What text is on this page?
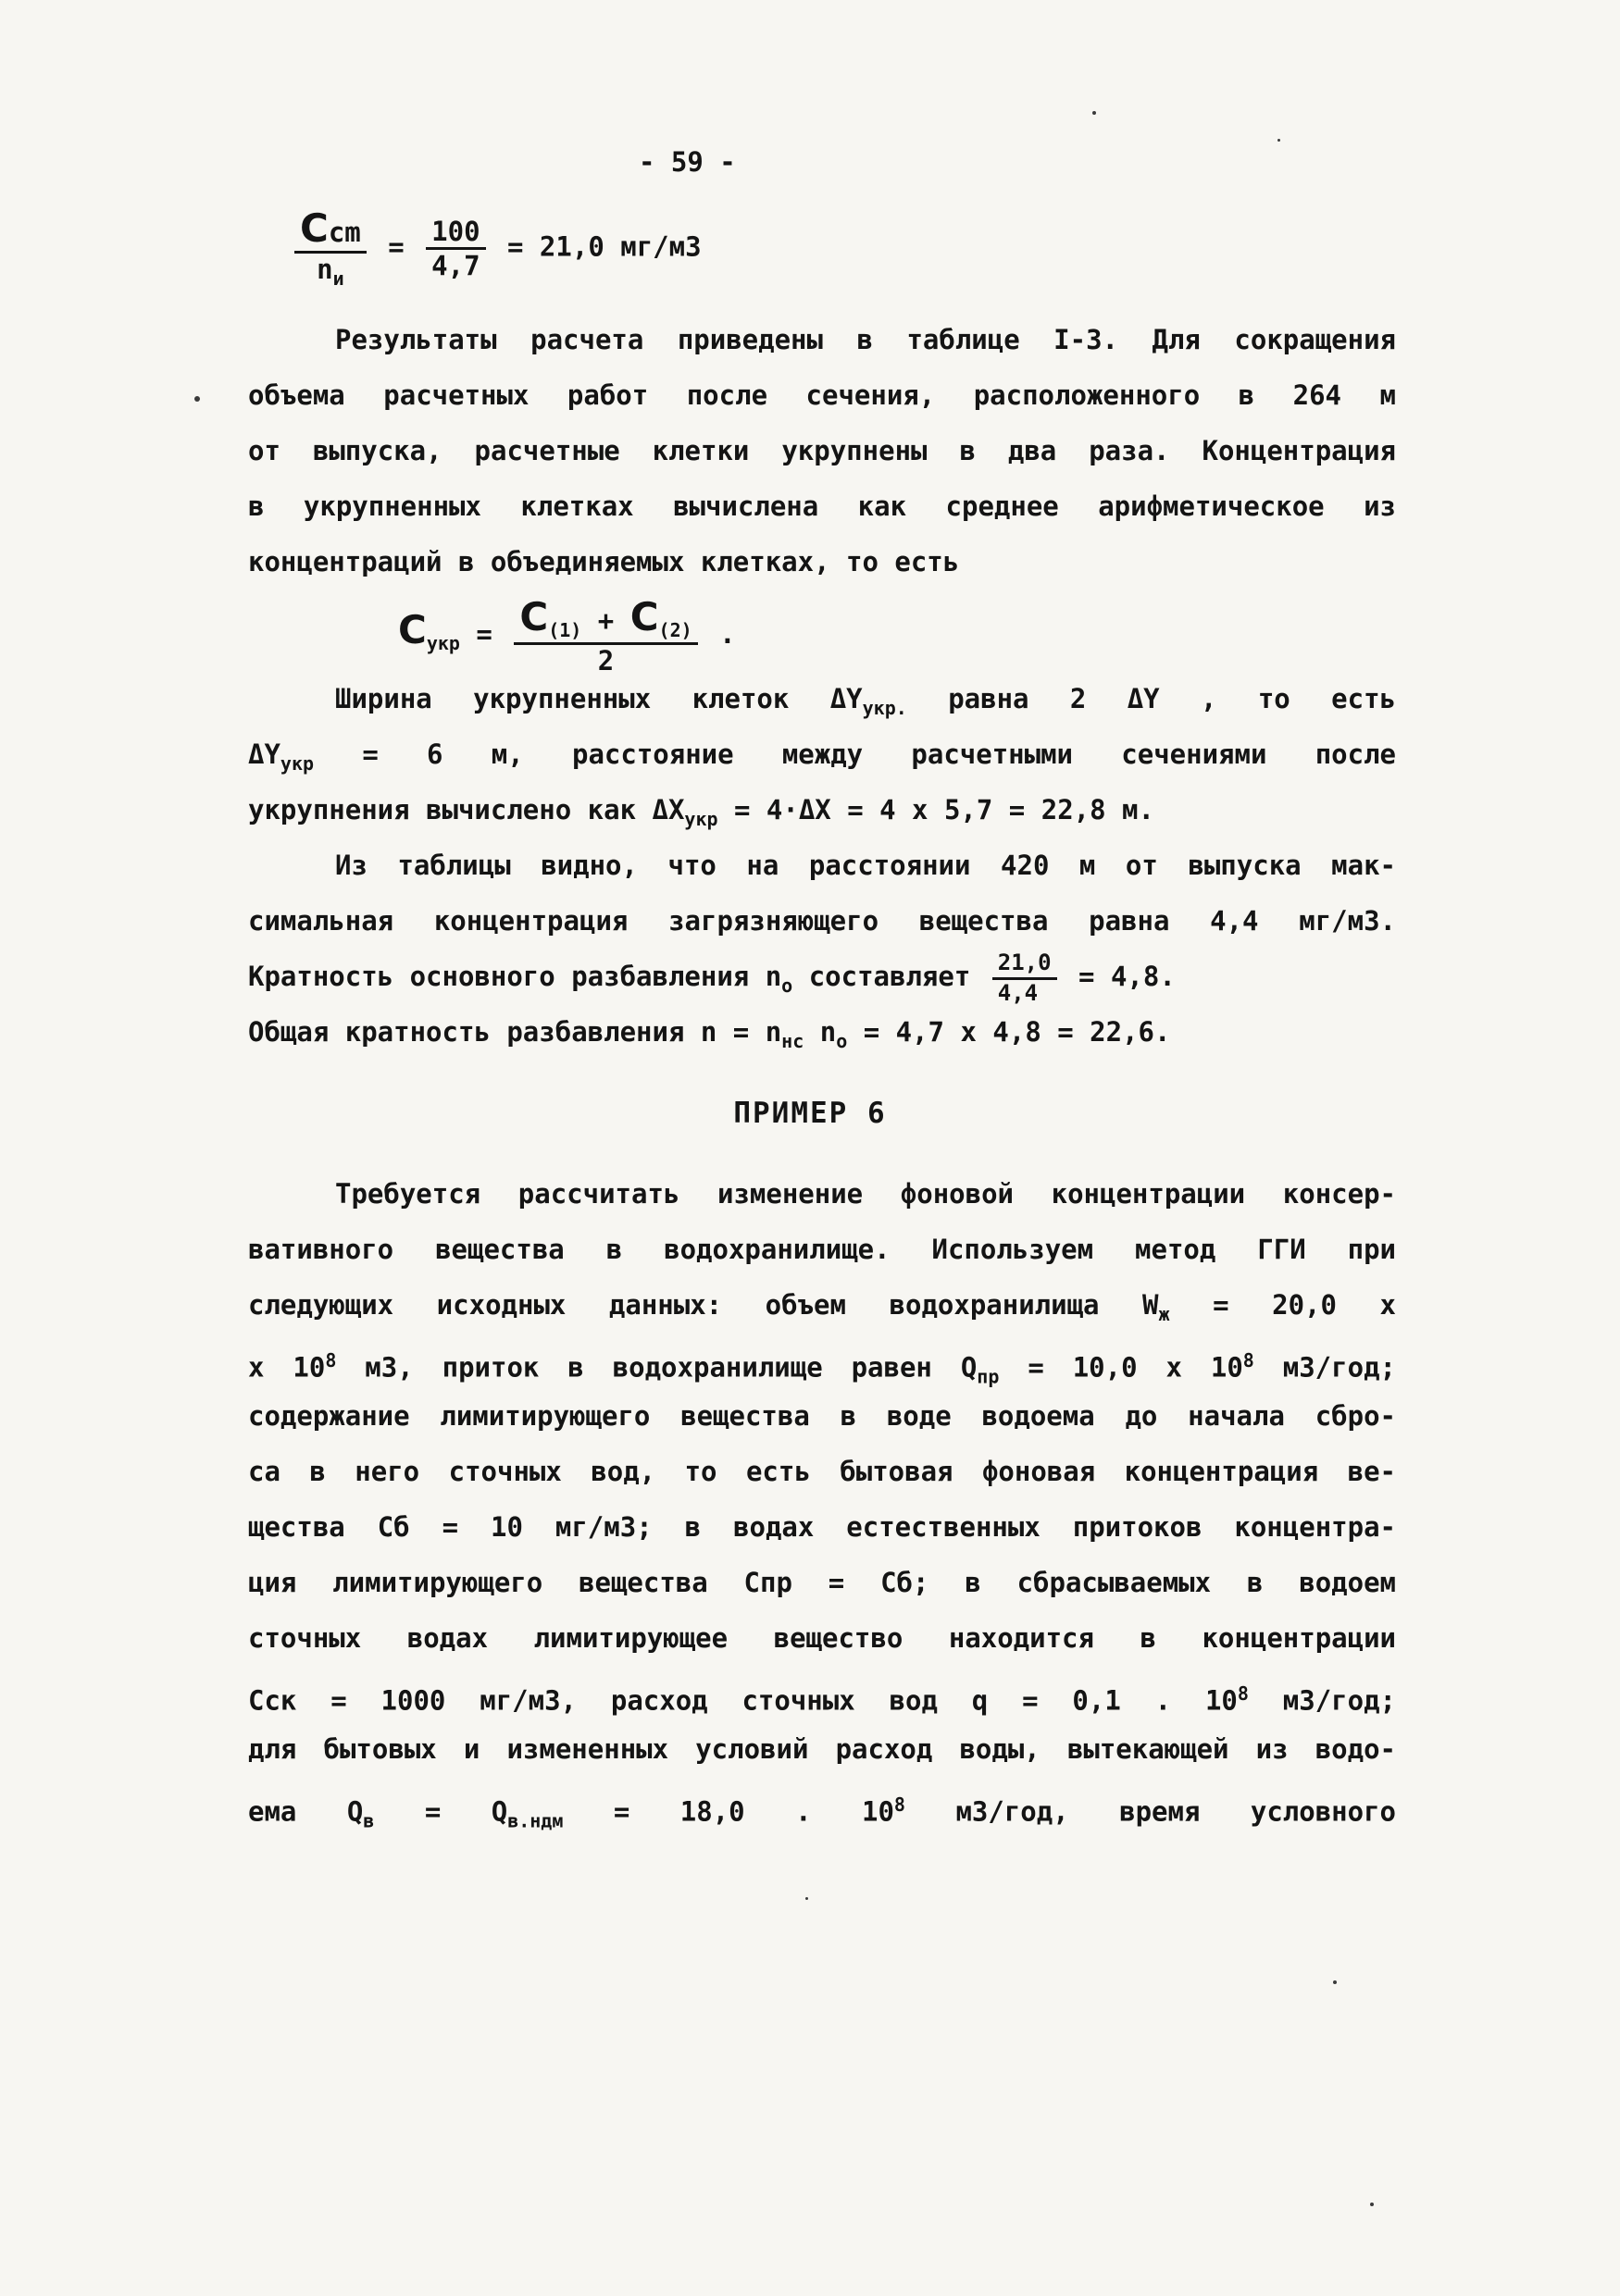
- 59 -
$\frac{\text{Ccm}}{n_и} = \frac{100}{4,7} = 21,0$ мг/м3
Результаты расчета приведены в таблице I-3. Для сокращения
объема расчетных работ после сечения, расположенного в 264 м
от выпуска, расчетные клетки укрупнены в два раза. Концентрация
в укрупненных клетках вычислена как среднее арифметическое из
концентраций в объединяемых клетках, то есть
$C_{укр} = \frac{C_{(1)} + C_{(2)}}{2}$ .
Ширина укрупненных клеток $\Delta Y_{укр.}$ равна 2 ΔY , то есть
$\Delta Y_{укр} = 6$ м, расстояние между расчетными сечениями после
укрупнения вычислено как $\Delta X_{укр} = 4\cdot\Delta X = 4$ х 5,7 = 22,8 м.
Из таблицы видно, что на расстоянии 420 м от выпуска мак-
симальная концентрация загрязняющего вещества равна 4,4 мг/м3.
Кратность основного разбавления $n_о$ составляет $\frac{21,0}{4,4} = 4,8$.
Общая кратность разбавления $n = n_{нс}$ $n_о = 4,7$ х 4,8 = 22,6.
ПРИМЕР 6
Требуется рассчитать изменение фоновой концентрации консер-
вативного вещества в водохранилище. Используем метод ГГИ при
следующих исходных данных: объем водохранилища $W_ж = 20,0$ х
х $10^8$ м3, приток в водохранилище равен $Q_{пр} = 10,0$ х $10^8$ м3/год;
содержание лимитирующего вещества в воде водоема до начала сбро-
са в него сточных вод, то есть бытовая фоновая концентрация ве-
щества Cб = 10 мг/м3; в водах естественных притоков концентра-
ция лимитирующего вещества Спр = Сб; в сбрасываемых в водоем
сточных водах лимитирующее вещество находится в концентрации
Сск = 1000 мг/м3, расход сточных вод q = 0,1 . $10^8$ м3/год;
для бытовых и измененных условий расход воды, вытекающей из водо-
ема $Q_в = Q_{в.ндм} = 18,0$ . $10^8$ м3/год, время условного
